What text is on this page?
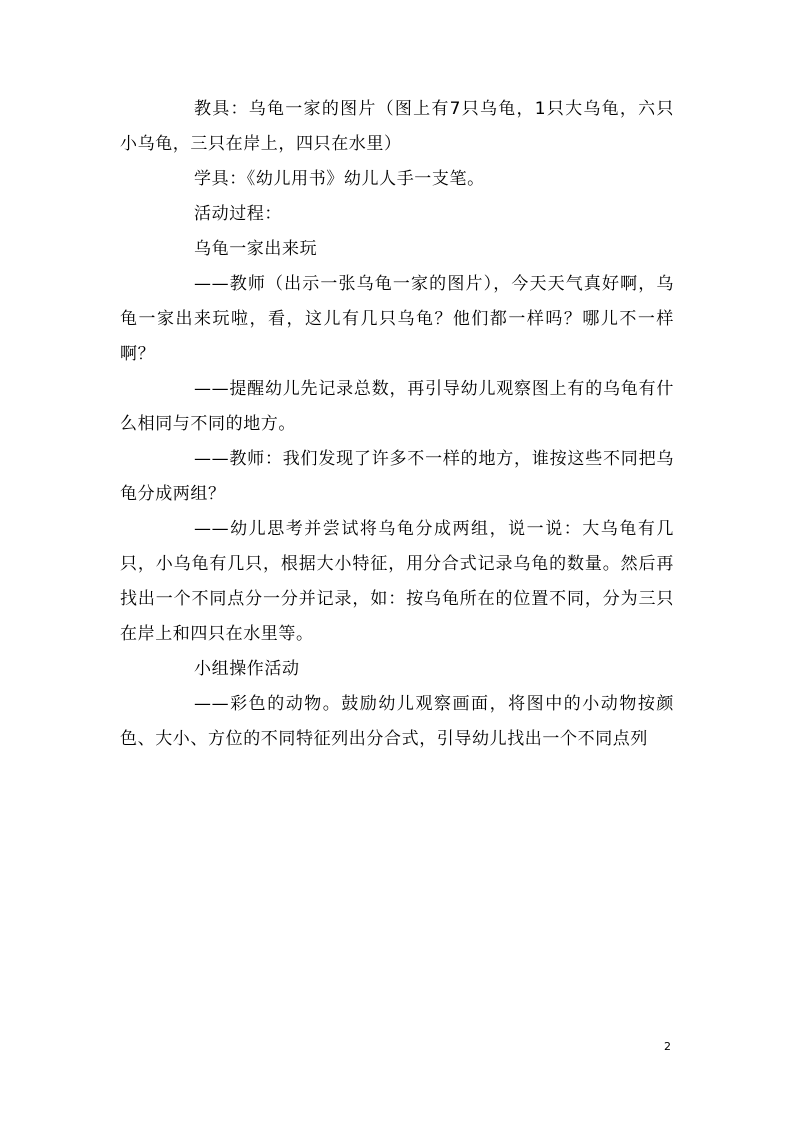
教具：乌龟一家的图片（图上有7只乌龟，1只大乌龟，六只小乌龟，三只在岸上，四只在水里）

学具：《幼儿用书》幼儿人手一支笔。

活动过程：

乌龟一家出来玩

——教师（出示一张乌龟一家的图片），今天天气真好啊，乌龟一家出来玩啦，看，这儿有几只乌龟？他们都一样吗？哪儿不一样啊？

——提醒幼儿先记录总数，再引导幼儿观察图上有的乌龟有什么相同与不同的地方。

——教师：我们发现了许多不一样的地方，谁按这些不同把乌龟分成两组？

——幼儿思考并尝试将乌龟分成两组，说一说：大乌龟有几只，小乌龟有几只，根据大小特征，用分合式记录乌龟的数量。然后再找出一个不同点分一分并记录，如：按乌龟所在的位置不同，分为三只在岸上和四只在水里等。

小组操作活动

——彩色的动物。鼓励幼儿观察画面，将图中的小动物按颜色、大小、方位的不同特征列出分合式，引导幼儿找出一个不同点列

2
